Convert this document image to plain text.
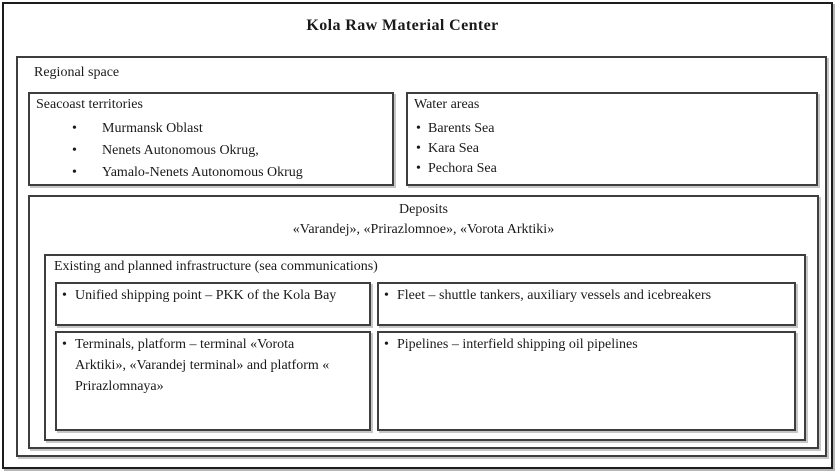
Kola Raw Material Center
Regional space
Seacoast territories
• Murmansk Oblast
• Nenets Autonomous Okrug,
• Yamalo-Nenets Autonomous Okrug
Water areas
• Barents Sea
• Kara Sea
• Pechora Sea
Deposits
«Varandej», «Prirazlomnoe», «Vorota Arktiki»
Existing and planned infrastructure (sea communications)

• Unified shipping point – PKK of the Kola Bay	• Fleet – shuttle tankers, auxiliary vessels and icebreakers

• Terminals, platform – terminal «Vorota Arktiki», «Varandej terminal» and platform « Prirazlomnaya»

• Pipelines – interfield shipping oil pipelines
